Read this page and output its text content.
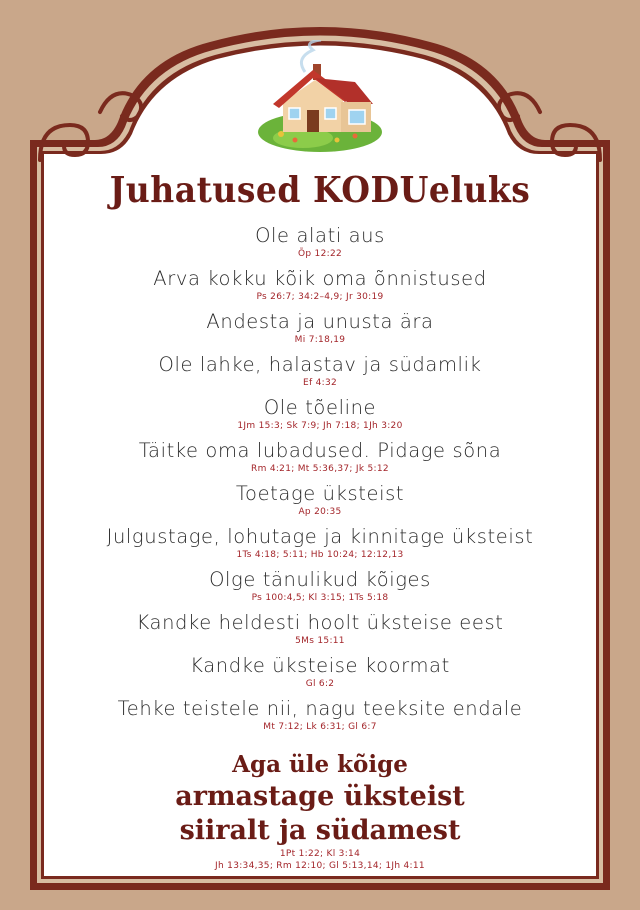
Juhatused KODUeluks
Ole alati aus
Õp 12:22
Arva kokku kõik oma õnnistused
Ps 26:7; 34:2–4,9; Jr 30:19
Andesta ja unusta ära
Mi 7:18,19
Ole lahke, halastav ja südamlik
Ef 4:32
Ole tõeline
1Jm 15:3; Sk 7:9; Jh 7:18; 1Jh 3:20
Täitke oma lubadused. Pidage sõna
Rm 4:21; Mt 5:36,37; Jk 5:12
Toetage üksteist
Ap 20:35
Julgustage, lohutage ja kinnitage üksteist
1Ts 4:18; 5:11; Hb 10:24; 12:12,13
Olge tänulikud kõiges
Ps 100:4,5; Kl 3:15; 1Ts 5:18
Kandke heldesti hoolt üksteise eest
5Ms 15:11
Kandke üksteise koormat
Gl 6:2
Tehke teistele nii, nagu teeksite endale
Mt 7:12; Lk 6:31; Gl 6:7
Aga üle kõige
armastage üksteist
siiralt ja südamest
1Pt 1:22; Kl 3:14
Jh 13:34,35; Rm 12:10; Gl 5:13,14; 1Jh 4:11
